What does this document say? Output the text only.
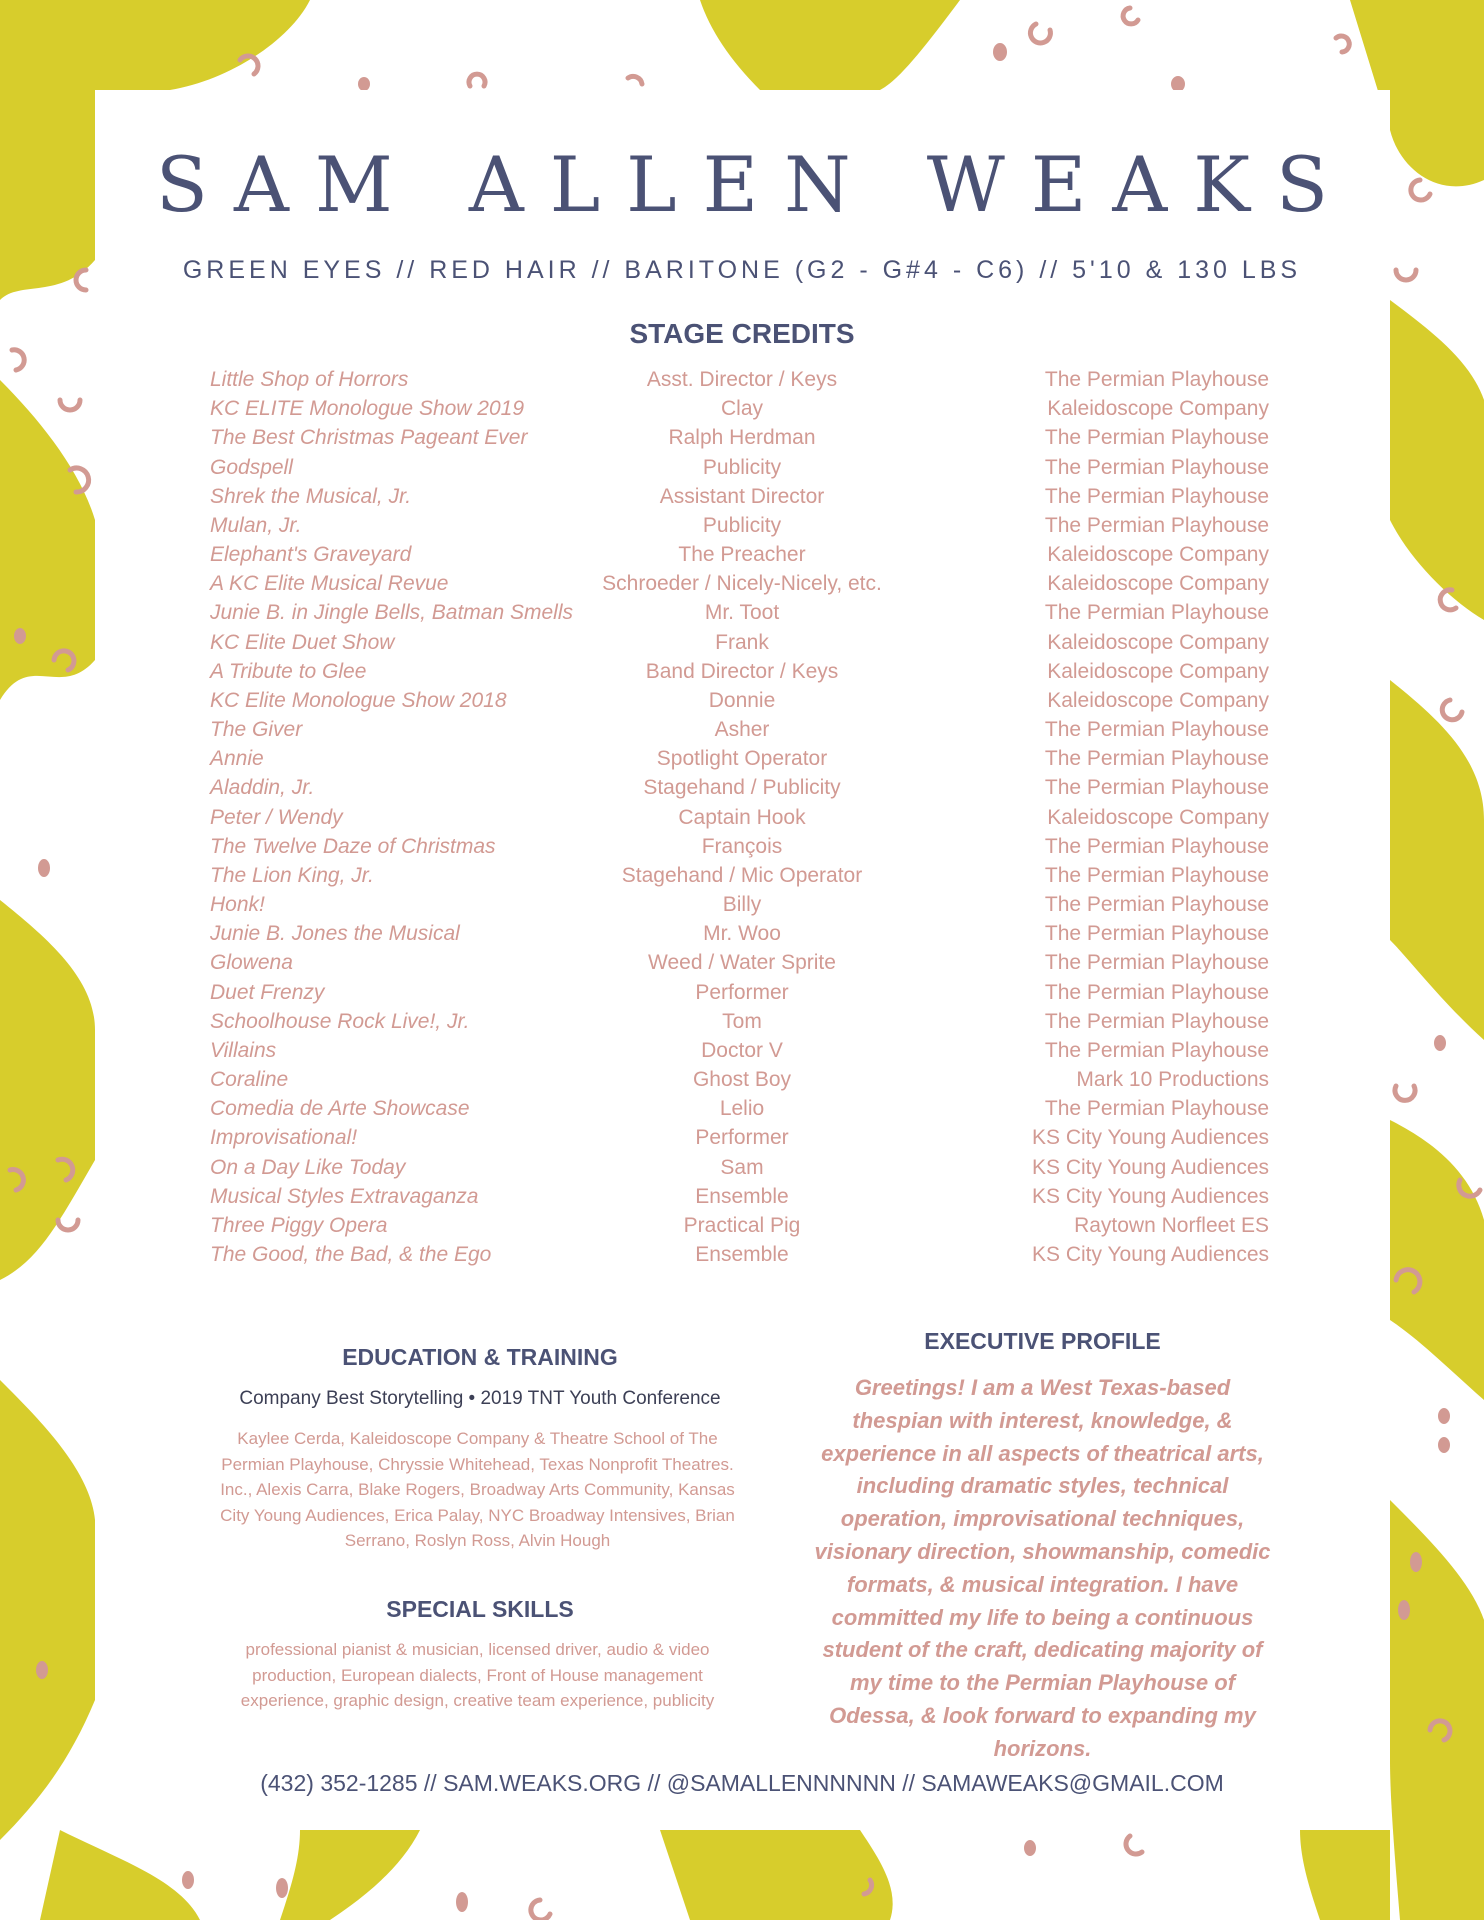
SAM ALLEN WEAKS
GREEN EYES // RED HAIR // BARITONE (G2 - G#4 - C6) // 5'10 & 130 LBS
STAGE CREDITS
Little Shop of Horrors	Asst. Director / Keys	The Permian Playhouse
KC ELITE Monologue Show 2019	Clay	Kaleidoscope Company
The Best Christmas Pageant Ever	Ralph Herdman	The Permian Playhouse
Godspell	Publicity	The Permian Playhouse
Shrek the Musical, Jr.	Assistant Director	The Permian Playhouse
Mulan, Jr.	Publicity	The Permian Playhouse
Elephant's Graveyard	The Preacher	Kaleidoscope Company
A KC Elite Musical Revue	Schroeder / Nicely-Nicely, etc.	Kaleidoscope Company
Junie B. in Jingle Bells, Batman Smells	Mr. Toot	The Permian Playhouse
KC Elite Duet Show	Frank	Kaleidoscope Company
A Tribute to Glee	Band Director / Keys	Kaleidoscope Company
KC Elite Monologue Show 2018	Donnie	Kaleidoscope Company
The Giver	Asher	The Permian Playhouse
Annie	Spotlight Operator	The Permian Playhouse
Aladdin, Jr.	Stagehand / Publicity	The Permian Playhouse
Peter / Wendy	Captain Hook	Kaleidoscope Company
The Twelve Daze of Christmas	François	The Permian Playhouse
The Lion King, Jr.	Stagehand / Mic Operator	The Permian Playhouse
Honk!	Billy	The Permian Playhouse
Junie B. Jones the Musical	Mr. Woo	The Permian Playhouse
Glowena	Weed / Water Sprite	The Permian Playhouse
Duet Frenzy	Performer	The Permian Playhouse
Schoolhouse Rock Live!, Jr.	Tom	The Permian Playhouse
Villains	Doctor V	The Permian Playhouse
Coraline	Ghost Boy	Mark 10 Productions
Comedia de Arte Showcase	Lelio	The Permian Playhouse
Improvisational!	Performer	KS City Young Audiences
On a Day Like Today	Sam	KS City Young Audiences
Musical Styles Extravaganza	Ensemble	KS City Young Audiences
Three Piggy Opera	Practical Pig	Raytown Norfleet ES
The Good, the Bad, & the Ego	Ensemble	KS City Young Audiences
EDUCATION & TRAINING
Company Best Storytelling • 2019 TNT Youth Conference
Kaylee Cerda, Kaleidoscope Company & Theatre School of The Permian Playhouse, Chryssie Whitehead, Texas Nonprofit Theatres. Inc., Alexis Carra, Blake Rogers, Broadway Arts Community, Kansas City Young Audiences, Erica Palay, NYC Broadway Intensives, Brian Serrano, Roslyn Ross, Alvin Hough
SPECIAL SKILLS
professional pianist & musician, licensed driver, audio & video production, European dialects, Front of House management experience, graphic design, creative team experience, publicity
EXECUTIVE PROFILE
Greetings! I am a West Texas-based thespian with interest, knowledge, & experience in all aspects of theatrical arts, including dramatic styles, technical operation, improvisational techniques, visionary direction, showmanship, comedic formats, & musical integration. I have committed my life to being a continuous student of the craft, dedicating majority of my time to the Permian Playhouse of Odessa, & look forward to expanding my horizons.
(432) 352-1285 // SAM.WEAKS.ORG // @SAMALLENNNNNN // SAMAWEAKS@GMAIL.COM
